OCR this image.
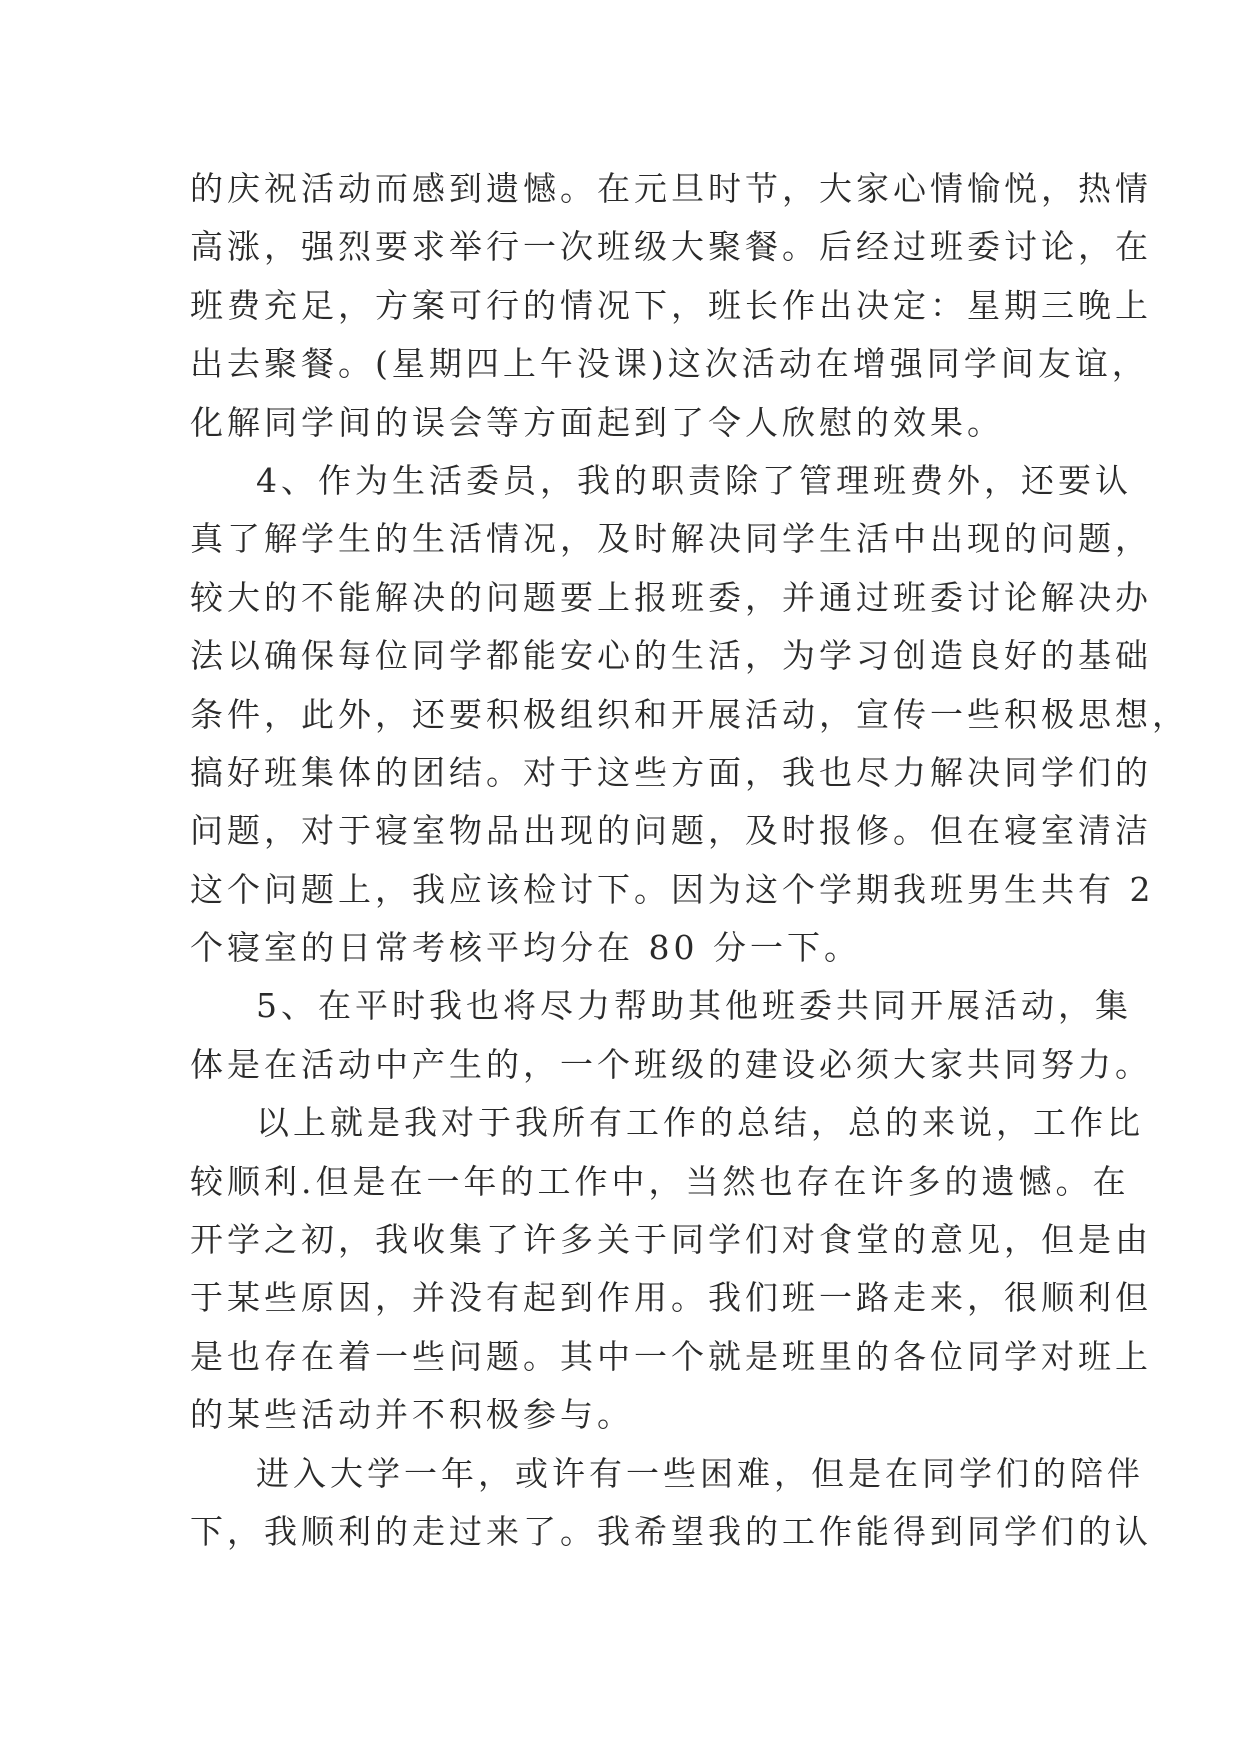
的庆祝活动而感到遗憾。在元旦时节，大家心情愉悦，热情
高涨，强烈要求举行一次班级大聚餐。后经过班委讨论，在
班费充足，方案可行的情况下，班长作出决定：星期三晚上
出去聚餐。(星期四上午没课)这次活动在增强同学间友谊，
化解同学间的误会等方面起到了令人欣慰的效果。
4、作为生活委员，我的职责除了管理班费外，还要认
真了解学生的生活情况，及时解决同学生活中出现的问题，
较大的不能解决的问题要上报班委，并通过班委讨论解决办
法以确保每位同学都能安心的生活，为学习创造良好的基础
条件，此外，还要积极组织和开展活动，宣传一些积极思想，
搞好班集体的团结。对于这些方面，我也尽力解决同学们的
问题，对于寝室物品出现的问题，及时报修。但在寝室清洁
这个问题上，我应该检讨下。因为这个学期我班男生共有 2
个寝室的日常考核平均分在 80 分一下。
5、在平时我也将尽力帮助其他班委共同开展活动，集
体是在活动中产生的，一个班级的建设必须大家共同努力。
以上就是我对于我所有工作的总结，总的来说，工作比
较顺利.但是在一年的工作中，当然也存在许多的遗憾。在
开学之初，我收集了许多关于同学们对食堂的意见，但是由
于某些原因，并没有起到作用。我们班一路走来，很顺利但
是也存在着一些问题。其中一个就是班里的各位同学对班上
的某些活动并不积极参与。
进入大学一年，或许有一些困难，但是在同学们的陪伴
下，我顺利的走过来了。我希望我的工作能得到同学们的认
